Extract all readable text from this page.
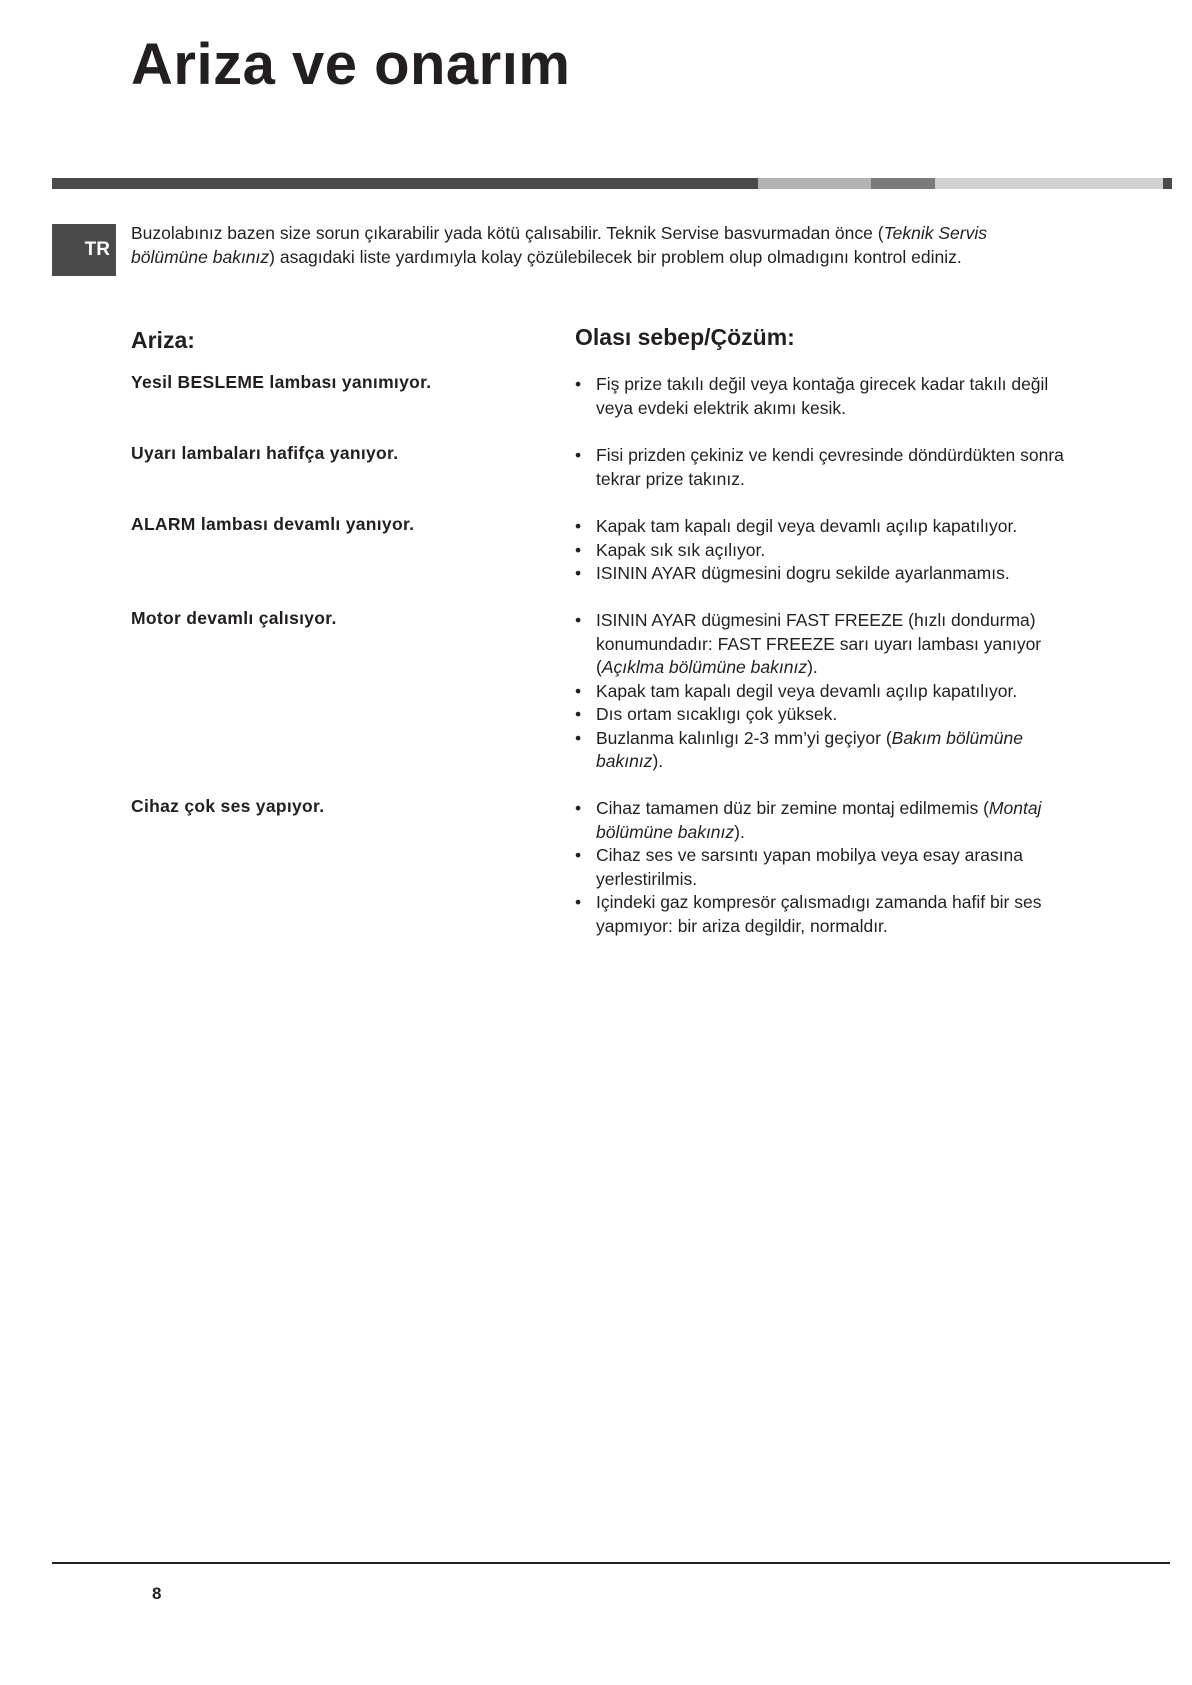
Ariza ve onarım
TR

Buzolabınız bazen size sorun çıkarabilir yada kötü çalısabilir. Teknik Servise basvurmadan önce (Teknik Servis bölümüne bakınız) asagıdaki liste yardımıyla kolay çözülebilecek bir problem olup olmadıgını kontrol ediniz.

Ariza:	Olası sebep/Çözüm:
Yesil BESLEME lambası yanımıyor.	• Fiş prize takılı değil veya kontağa girecek kadar takılı değil veya evdeki elektrik akımı kesik.
Uyarı lambaları hafifça yanıyor.	• Fisi prizden çekiniz ve kendi çevresinde döndürdükten sonra tekrar prize takınız.
ALARM lambası devamlı yanıyor.	• Kapak tam kapalı degil veya devamlı açılıp kapatılıyor.
• Kapak sık sık açılıyor.
• ISININ AYAR dügmesini dogru sekilde ayarlanmamıs.
Motor devamlı çalısıyor.	• ISININ AYAR dügmesini FAST FREEZE (hızlı dondurma) konumundadır: FAST FREEZE sarı uyarı lambası yanıyor (Açıklma bölümüne bakınız).
• Kapak tam kapalı degil veya devamlı açılıp kapatılıyor.
• Dıs ortam sıcaklıgı çok yüksek.
• Buzlanma kalınlıgı 2-3 mm’yi geçiyor (Bakım bölümüne bakınız).
Cihaz çok ses yapıyor.	• Cihaz tamamen düz bir zemine montaj edilmemis (Montaj bölümüne bakınız).
• Cihaz ses ve sarsıntı yapan mobilya veya esay arasına yerlestirilmis.
• Içindeki gaz kompresör çalısmadıgı zamanda hafif bir ses yapmıyor: bir ariza degildir, normaldır.
8
